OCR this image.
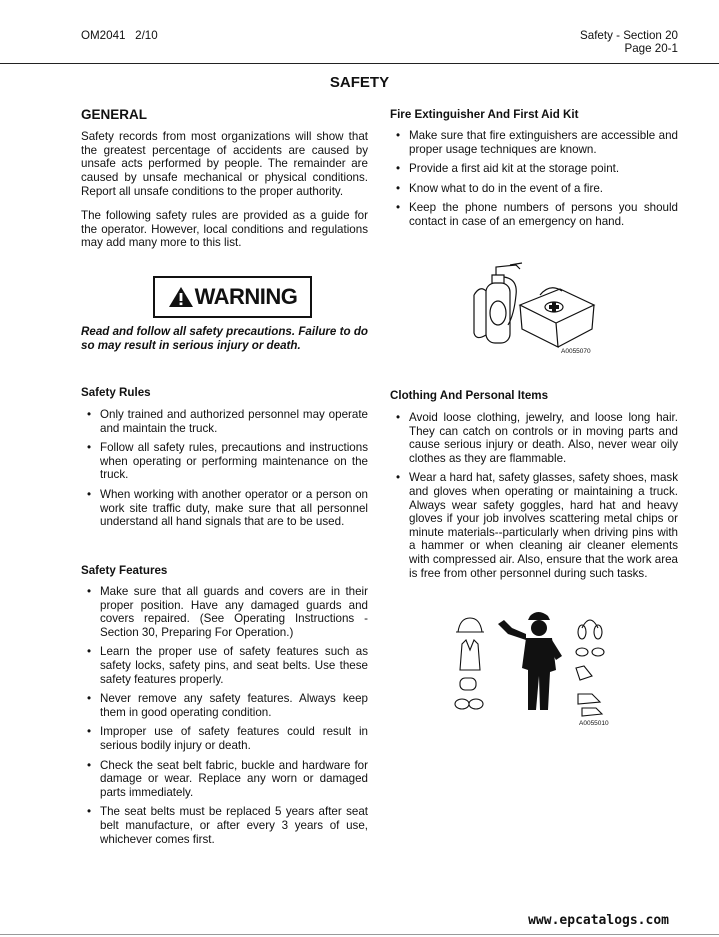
OM2041 2/10	Safety - Section 20
Page 20-1
SAFETY
GENERAL

Safety records from most organizations will show that the greatest percentage of accidents are caused by unsafe acts performed by people. The remainder are caused by unsafe mechanical or physical conditions. Report all unsafe conditions to the proper authority.

The following safety rules are provided as a guide for the operator. However, local conditions and regulations may add many more to this list.

WARNING

Read and follow all safety precautions. Failure to do so may result in serious injury or death.

Safety Rules
• Only trained and authorized personnel may operate and maintain the truck.
• Follow all safety rules, precautions and instructions when operating or performing maintenance on the truck.
• When working with another operator or a person on work site traffic duty, make sure that all personnel understand all hand signals that are to be used.
Safety Features
• Make sure that all guards and covers are in their proper position. Have any damaged guards and covers repaired. (See Operating Instructions - Section 30, Preparing For Operation.)
• Learn the proper use of safety features such as safety locks, safety pins, and seat belts. Use these safety features properly.
• Never remove any safety features. Always keep them in good operating condition.
• Improper use of safety features could result in serious bodily injury or death.
• Check the seat belt fabric, buckle and hardware for damage or wear. Replace any worn or damaged parts immediately.
• The seat belts must be replaced 5 years after seat belt manufacture, or after every 3 years of use, whichever comes first.
Fire Extinguisher And First Aid Kit
• Make sure that fire extinguishers are accessible and proper usage techniques are known.
• Provide a first aid kit at the storage point.
• Know what to do in the event of a fire.
• Keep the phone numbers of persons you should contact in case of an emergency on hand.
A0055070
Clothing And Personal Items
• Avoid loose clothing, jewelry, and loose long hair. They can catch on controls or in moving parts and cause serious injury or death. Also, never wear oily clothes as they are flammable.
• Wear a hard hat, safety glasses, safety shoes, mask and gloves when operating or maintaining a truck. Always wear safety goggles, hard hat and heavy gloves if your job involves scattering metal chips or minute materials--particularly when driving pins with a hammer or when cleaning air cleaner elements with compressed air. Also, ensure that the work area is free from other personnel during such tasks.
A0055010
www.epcatalogs.com
